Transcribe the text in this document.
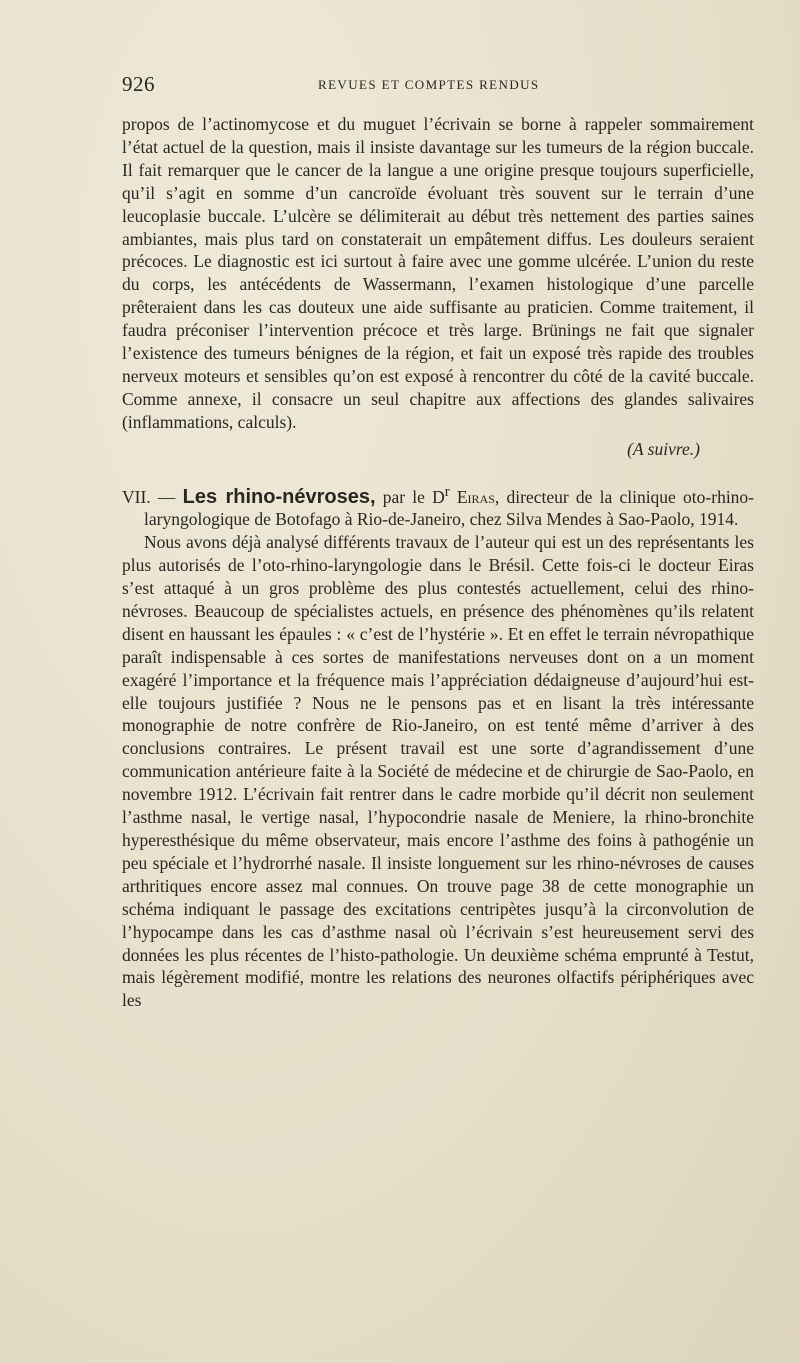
926	REVUES ET COMPTES RENDUS

propos de l’actinomycose et du muguet l’écrivain se borne à rappeler sommairement l’état actuel de la question, mais il insiste davantage sur les tumeurs de la région buccale. Il fait remarquer que le cancer de la langue a une origine presque toujours superficielle, qu’il s’agit en somme d’un cancroïde évoluant très souvent sur le terrain d’une leucoplasie buccale. L’ulcère se délimiterait au début très nettement des parties saines ambiantes, mais plus tard on constaterait un empâtement diffus. Les douleurs seraient précoces. Le diagnostic est ici surtout à faire avec une gomme ulcérée. L’union du reste du corps, les antécédents de Wassermann, l’examen histologique d’une parcelle prêteraient dans les cas douteux une aide suffisante au praticien. Comme traitement, il faudra préconiser l’intervention précoce et très large. Brünings ne fait que signaler l’existence des tumeurs bénignes de la région, et fait un exposé très rapide des troubles nerveux moteurs et sensibles qu’on est exposé à rencontrer du côté de la cavité buccale. Comme annexe, il consacre un seul chapitre aux affections des glandes salivaires (inflammations, calculs).

(A suivre.)

VII. — Les rhino-névroses, par le $D^r$ Eiras, directeur de la clinique oto-rhino-laryngologique de Botofago à Rio-de-Janeiro, chez Silva Mendes à Sao-Paolo, 1914.

Nous avons déjà analysé différents travaux de l’auteur qui est un des représentants les plus autorisés de l’oto-rhino-laryngologie dans le Brésil. Cette fois-ci le docteur Eiras s’est attaqué à un gros problème des plus contestés actuellement, celui des rhino-névroses. Beaucoup de spécialistes actuels, en présence des phénomènes qu’ils relatent disent en haussant les épaules : « c’est de l’hystérie ». Et en effet le terrain névropathique paraît indispensable à ces sortes de manifestations nerveuses dont on a un moment exagéré l’importance et la fréquence mais l’appréciation dédaigneuse d’aujourd’hui est-elle toujours justifiée ? Nous ne le pensons pas et en lisant la très intéressante monographie de notre confrère de Rio-Janeiro, on est tenté même d’arriver à des conclusions contraires. Le présent travail est une sorte d’agrandissement d’une communication antérieure faite à la Société de médecine et de chirurgie de Sao-Paolo, en novembre 1912. L’écrivain fait rentrer dans le cadre morbide qu’il décrit non seulement l’asthme nasal, le vertige nasal, l’hypocondrie nasale de Meniere, la rhino-bronchite hyperesthésique du même observateur, mais encore l’asthme des foins à pathogénie un peu spéciale et l’hydrorrhé nasale. Il insiste longuement sur les rhino-névroses de causes arthritiques encore assez mal connues. On trouve page 38 de cette monographie un schéma indiquant le passage des excitations centripètes jusqu’à la circonvolution de l’hypocampe dans les cas d’asthme nasal où l’écrivain s’est heureusement servi des données les plus récentes de l’histo-pathologie. Un deuxième schéma emprunté à Testut, mais légèrement modifié, montre les relations des neurones olfactifs périphériques avec les
